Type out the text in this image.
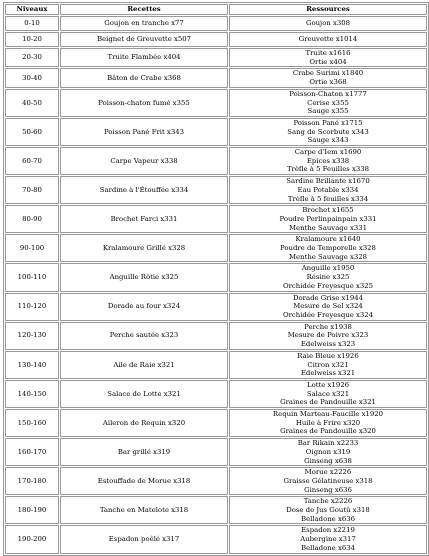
Niveaux	Recettes	Ressources
0-10	Goujon en tranche x77	Goujon x308

10-20	Beignet de Greuvette x507	Greuvette x1014

20-30	Truite Flambée x404	Truite x1616
Ortie x404

30-40	Bâton de Crabe x368	Crabe Surimi x1840
Ortie x368

40-50	Poisson-chaton fumé x355	Poisson-Chaton x1777
Cerise x355
Sauge x355

50-60	Poisson Pané Frit x343	Poisson Pané x1715
Sang de Scorbute x343
Sauge x343

60-70	Carpe Vapeur x338	Carpe d'Iem x1690
Epices x338
Trèfle à 5 Feuilles x338

70-80	Sardine à l'Étouffée x334	Sardine Brillante x1670
Eau Potable x334
Trèfle à 5 feuilles x334

80-90	Brochet Farci x331	Brochet x1655
Poudre Perlinpainpain x331
Menthe Sauvage x331

90-100	Kralamoure Grillé x328	Kralamoure x1640
Poudre de Temporelle x328
Menthe Sauvage x328

100-110	Anguille Rôtie x325	Anguille x1950
Résine x325
Orchidée Freyesque x325

110-120	Dorade au four x324	Dorade Grise x1944
Mesure de Sel x324
Orchidée Freyesque x324

120-130	Perche sautée x323	Perche x1938
Mesure de Poivre x323
Edelweiss x323

130-140	Aile de Raie x321	Raie Bleue x1926
Citron x321
Edelweiss x321

140-150	Salace de Lotte x321	Lotte x1926
Salace x321
Graines de Pandouille x321

150-160	Aileron de Requin x320	Requin Marteau-Faucille x1920
Huile à Frire x320
Graines de Pandouille x320

160-170	Bar grillé x319	Bar Rikain x2233
Oignon x319
Ginseng x638

170-180	Estouffade de Morue x318	Morue x2226
Graisse Gélatineuse x318
Ginseng x636

180-190	Tanche en Matelote x318	Tanche x2226
Dose de Jus Goutû x318
Belladone x636

190-200	Espadon poêlé x317	Espadon x2219
Aubergine x317
Belladone x634
